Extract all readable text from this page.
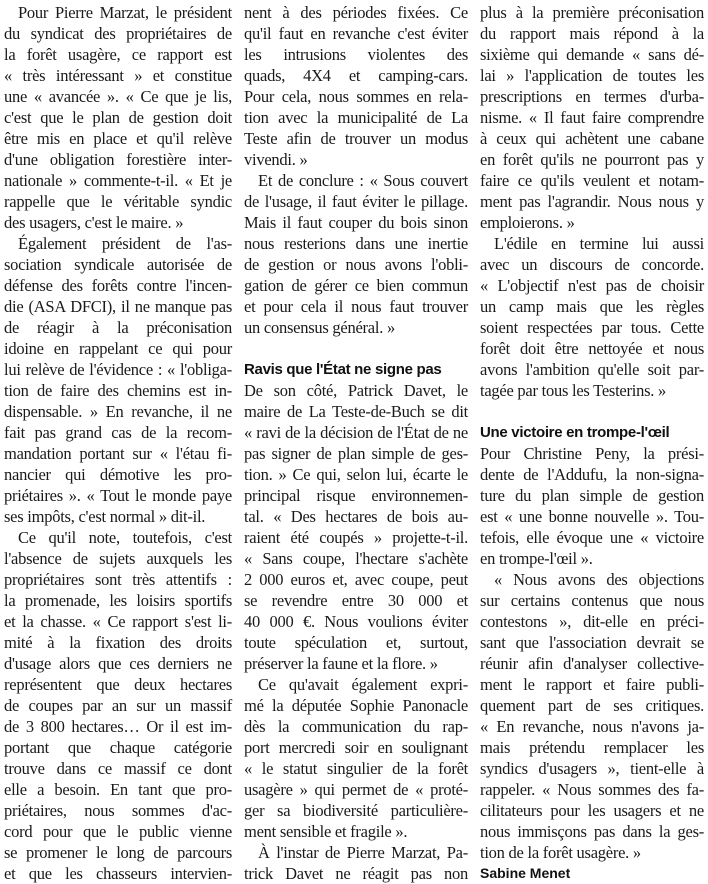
Pour Pierre Marzat, le président
du syndicat des propriétaires de
la forêt usagère, ce rapport est
« très intéressant » et constitue
une « avancée ». « Ce que je lis,
c'est que le plan de gestion doit
être mis en place et qu'il relève
d'une obligation forestière inter-
nationale » commente-t-il. « Et je
rappelle que le véritable syndic
des usagers, c'est le maire. »
Également président de l'as-
sociation syndicale autorisée de
défense des forêts contre l'incen-
die (ASA DFCI), il ne manque pas
de réagir à la préconisation
idoine en rappelant ce qui pour
lui relève de l'évidence : « l'obliga-
tion de faire des chemins est in-
dispensable. » En revanche, il ne
fait pas grand cas de la recom-
mandation portant sur « l'étau fi-
nancier qui démotive les pro-
priétaires ». « Tout le monde paye
ses impôts, c'est normal » dit-il.
Ce qu'il note, toutefois, c'est
l'absence de sujets auxquels les
propriétaires sont très attentifs :
la promenade, les loisirs sportifs
et la chasse. « Ce rapport s'est li-
mité à la fixation des droits
d'usage alors que ces derniers ne
représentent que deux hectares
de coupes par an sur un massif
de 3 800 hectares… Or il est im-
portant que chaque catégorie
trouve dans ce massif ce dont
elle a besoin. En tant que pro-
priétaires, nous sommes d'ac-
cord pour que le public vienne
se promener le long de parcours
et que les chasseurs intervien-
nent à des périodes fixées. Ce
qu'il faut en revanche c'est éviter
les intrusions violentes des
quads, 4X4 et camping-cars.
Pour cela, nous sommes en rela-
tion avec la municipalité de La
Teste afin de trouver un modus
vivendi. »
Et de conclure : « Sous couvert
de l'usage, il faut éviter le pillage.
Mais il faut couper du bois sinon
nous resterions dans une inertie
de gestion or nous avons l'obli-
gation de gérer ce bien commun
et pour cela il nous faut trouver
un consensus général. »
Ravis que l'État ne signe pas
De son côté, Patrick Davet, le
maire de La Teste-de-Buch se dit
« ravi de la décision de l'État de ne
pas signer de plan simple de ges-
tion. » Ce qui, selon lui, écarte le
principal risque environnemen-
tal. « Des hectares de bois au-
raient été coupés » projette-t-il.
« Sans coupe, l'hectare s'achète
2 000 euros et, avec coupe, peut
se revendre entre 30 000 et
40 000 €. Nous voulions éviter
toute spéculation et, surtout,
préserver la faune et la flore. »
Ce qu'avait également expri-
mé la députée Sophie Panonacle
dès la communication du rap-
port mercredi soir en soulignant
« le statut singulier de la forêt
usagère » qui permet de « proté-
ger sa biodiversité particulière-
ment sensible et fragile ».
À l'instar de Pierre Marzat, Pa-
trick Davet ne réagit pas non
plus à la première préconisation
du rapport mais répond à la
sixième qui demande « sans dé-
lai » l'application de toutes les
prescriptions en termes d'urba-
nisme. « Il faut faire comprendre
à ceux qui achètent une cabane
en forêt qu'ils ne pourront pas y
faire ce qu'ils veulent et notam-
ment pas l'agrandir. Nous nous y
emploierons. »
L'édile en termine lui aussi
avec un discours de concorde.
« L'objectif n'est pas de choisir
un camp mais que les règles
soient respectées par tous. Cette
forêt doit être nettoyée et nous
avons l'ambition qu'elle soit par-
tagée par tous les Testerins. »
Une victoire en trompe-l'œil
Pour Christine Peny, la prési-
dente de l'Addufu, la non-signa-
ture du plan simple de gestion
est « une bonne nouvelle ». Tou-
tefois, elle évoque une « victoire
en trompe-l'œil ».
« Nous avons des objections
sur certains contenus que nous
contestons », dit-elle en préci-
sant que l'association devrait se
réunir afin d'analyser collective-
ment le rapport et faire publi-
quement part de ses critiques.
« En revanche, nous n'avons ja-
mais prétendu remplacer les
syndics d'usagers », tient-elle à
rappeler. « Nous sommes des fa-
cilitateurs pour les usagers et ne
nous immisçons pas dans la ges-
tion de la forêt usagère. »
Sabine Menet
